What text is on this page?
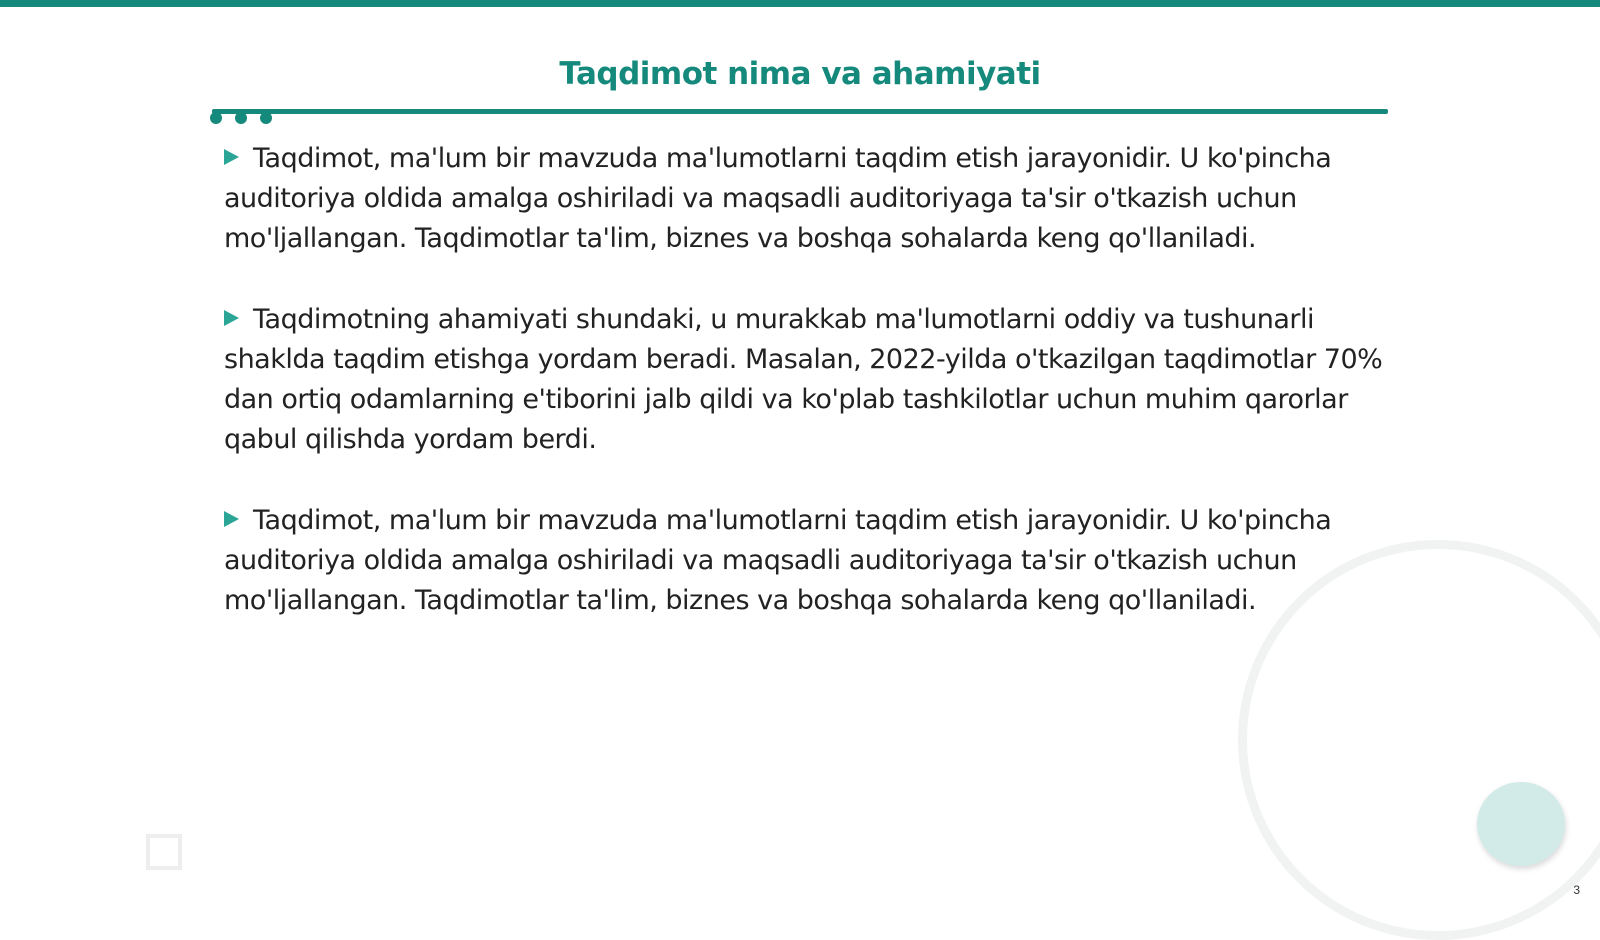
Taqdimot nima va ahamiyati

Taqdimot, ma'lum bir mavzuda ma'lumotlarni taqdim etish jarayonidir. U ko'pincha auditoriya oldida amalga oshiriladi va maqsadli auditoriyaga ta'sir o'tkazish uchun mo'ljallangan. Taqdimotlar ta'lim, biznes va boshqa sohalarda keng qo'llaniladi.

Taqdimotning ahamiyati shundaki, u murakkab ma'lumotlarni oddiy va tushunarli shaklda taqdim etishga yordam beradi. Masalan, 2022-yilda o'tkazilgan taqdimotlar 70% dan ortiq odamlarning e'tiborini jalb qildi va ko'plab tashkilotlar uchun muhim qarorlar qabul qilishda yordam berdi.

Taqdimot, ma'lum bir mavzuda ma'lumotlarni taqdim etish jarayonidir. U ko'pincha auditoriya oldida amalga oshiriladi va maqsadli auditoriyaga ta'sir o'tkazish uchun mo'ljallangan. Taqdimotlar ta'lim, biznes va boshqa sohalarda keng qo'llaniladi.

3
